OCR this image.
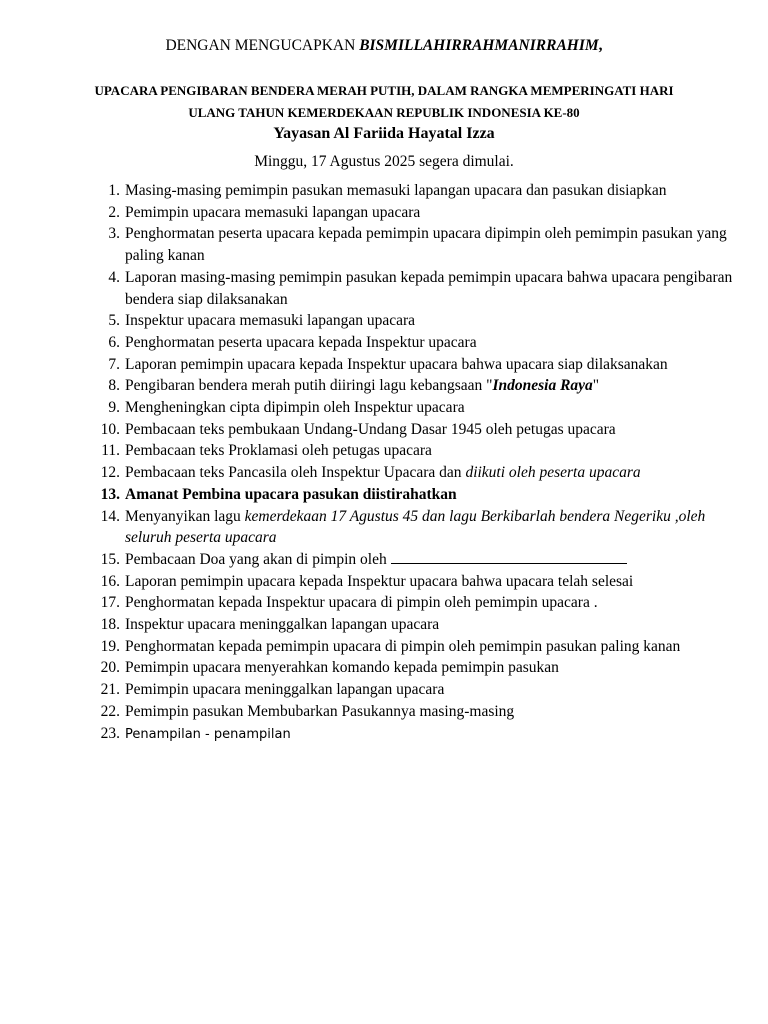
DENGAN MENGUCAPKAN BISMILLAHIRRAHMANIRRAHIM,
UPACARA PENGIBARAN BENDERA MERAH PUTIH, DALAM RANGKA MEMPERINGATI HARI
ULANG TAHUN KEMERDEKAAN REPUBLIK INDONESIA KE-80
Yayasan Al Fariida Hayatal Izza
Minggu, 17 Agustus 2025 segera dimulai.
1. Masing-masing pemimpin pasukan memasuki lapangan upacara dan pasukan disiapkan
2. Pemimpin upacara memasuki lapangan upacara
3. Penghormatan peserta upacara kepada pemimpin upacara dipimpin oleh pemimpin pasukan yang paling kanan
4. Laporan masing-masing pemimpin pasukan kepada pemimpin upacara bahwa upacara pengibaran bendera siap dilaksanakan
5. Inspektur upacara memasuki lapangan upacara
6. Penghormatan peserta upacara kepada Inspektur upacara
7. Laporan pemimpin upacara kepada Inspektur upacara bahwa upacara siap dilaksanakan
8. Pengibaran bendera merah putih diiringi lagu kebangsaan "Indonesia Raya"
9. Mengheningkan cipta dipimpin oleh Inspektur upacara
10. Pembacaan teks pembukaan Undang-Undang Dasar 1945 oleh petugas upacara
11. Pembacaan teks Proklamasi oleh petugas upacara
12. Pembacaan teks Pancasila oleh Inspektur Upacara dan diikuti oleh peserta upacara
13. Amanat Pembina upacara pasukan diistirahatkan
14. Menyanyikan lagu kemerdekaan 17 Agustus 45 dan lagu Berkibarlah bendera Negeriku ,oleh seluruh peserta upacara
15. Pembacaan Doa yang akan di pimpin oleh
16. Laporan pemimpin upacara kepada Inspektur upacara bahwa upacara telah selesai
17. Penghormatan kepada Inspektur upacara di pimpin oleh pemimpin upacara .
18. Inspektur upacara meninggalkan lapangan upacara
19. Penghormatan kepada pemimpin upacara di pimpin oleh pemimpin pasukan paling kanan
20. Pemimpin upacara menyerahkan komando kepada pemimpin pasukan
21. Pemimpin upacara meninggalkan lapangan upacara
22. Pemimpin pasukan Membubarkan Pasukannya masing-masing
23. Penampilan - penampilan
